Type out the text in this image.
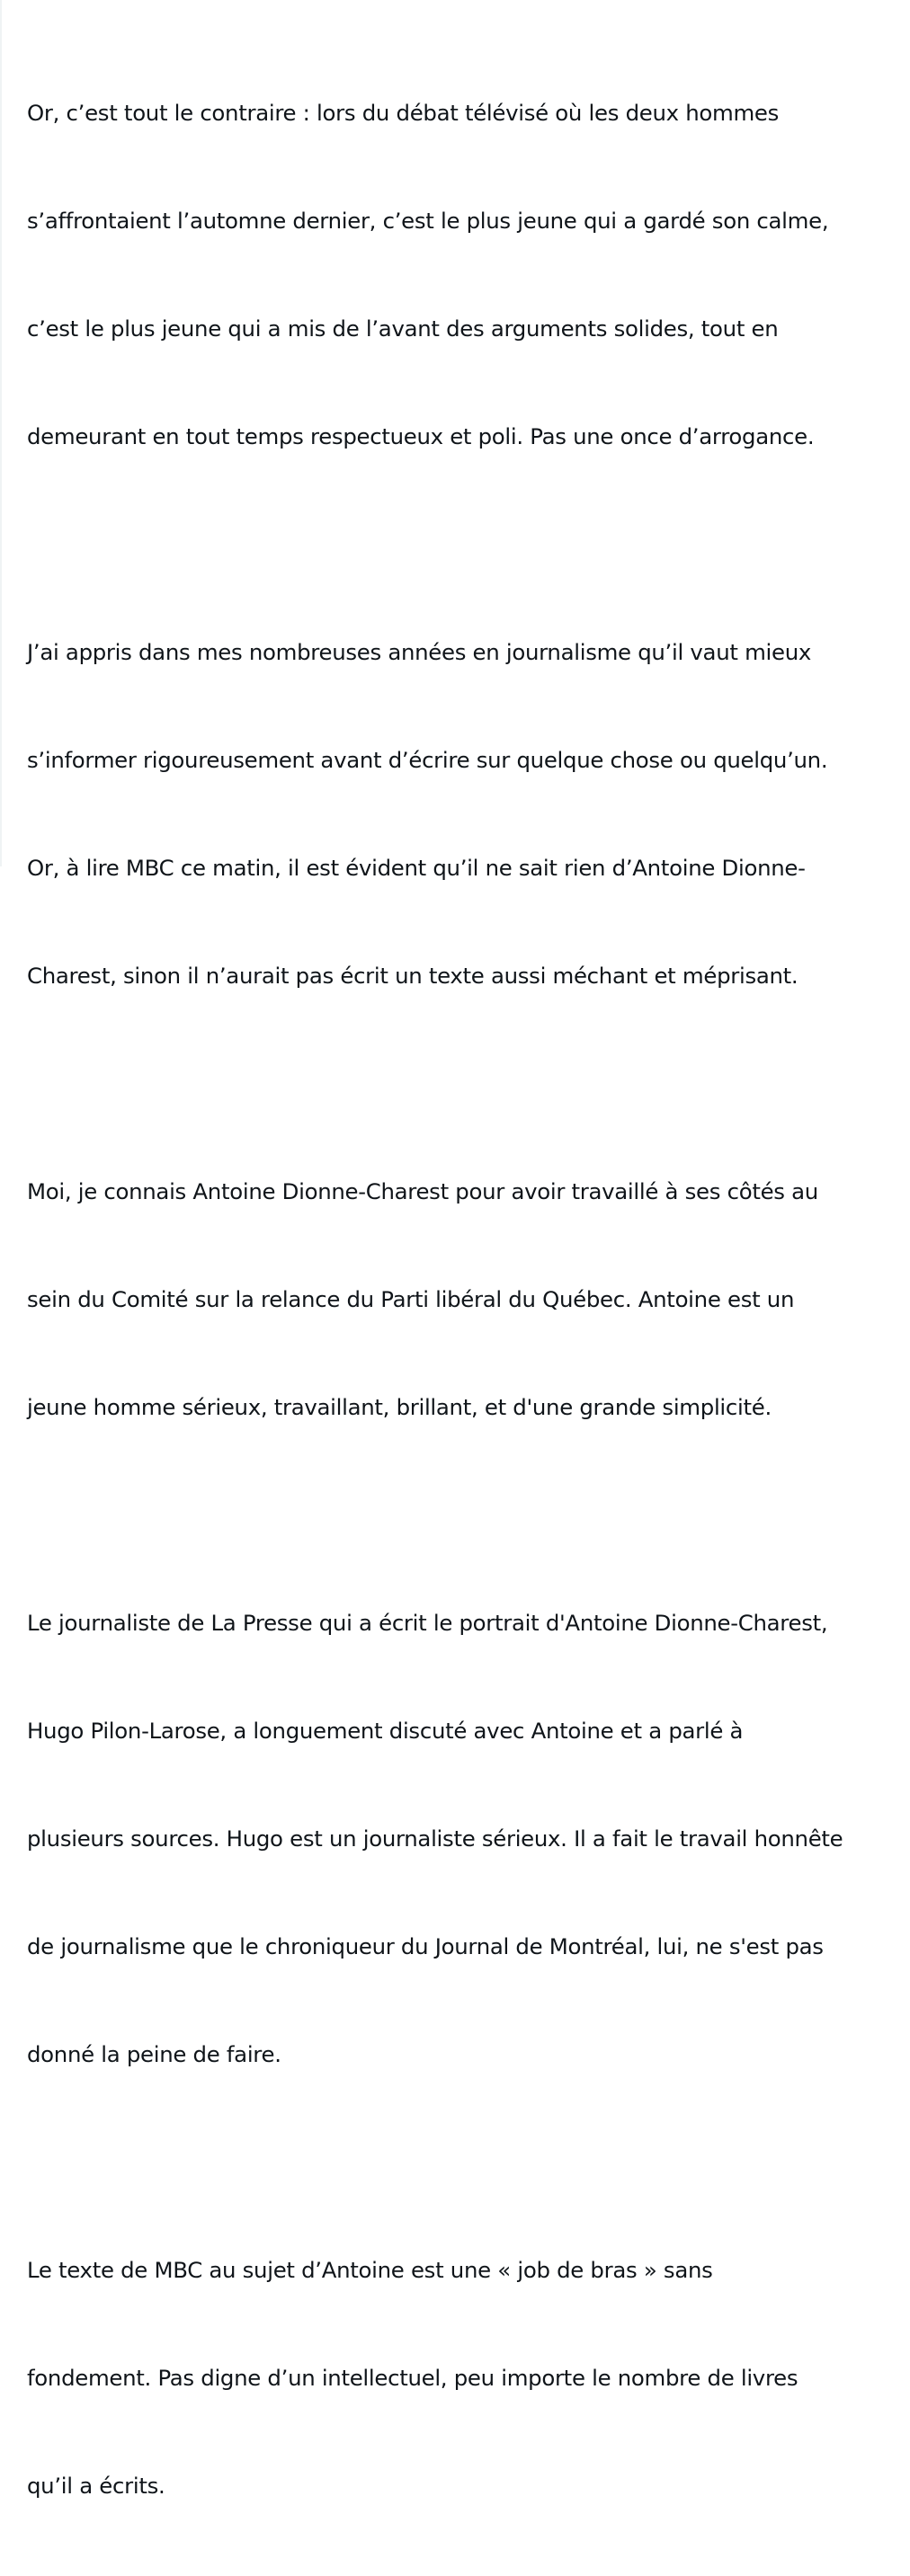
Or, c’est tout le contraire : lors du débat télévisé où les deux hommes

s’affrontaient l’automne dernier, c’est le plus jeune qui a gardé son calme,

c’est le plus jeune qui a mis de l’avant des arguments solides, tout en

demeurant en tout temps respectueux et poli. Pas une once d’arrogance.

J’ai appris dans mes nombreuses années en journalisme qu’il vaut mieux

s’informer rigoureusement avant d’écrire sur quelque chose ou quelqu’un.

Or, à lire MBC ce matin, il est évident qu’il ne sait rien d’Antoine Dionne-

Charest, sinon il n’aurait pas écrit un texte aussi méchant et méprisant.

Moi, je connais Antoine Dionne-Charest pour avoir travaillé à ses côtés au

sein du Comité sur la relance du Parti libéral du Québec. Antoine est un

jeune homme sérieux, travaillant, brillant, et d'une grande simplicité.

Le journaliste de La Presse qui a écrit le portrait d'Antoine Dionne-Charest,

Hugo Pilon-Larose, a longuement discuté avec Antoine et a parlé à

plusieurs sources. Hugo est un journaliste sérieux. Il a fait le travail honnête

de journalisme que le chroniqueur du Journal de Montréal, lui, ne s'est pas

donné la peine de faire.

Le texte de MBC au sujet d’Antoine est une « job de bras » sans

fondement. Pas digne d’un intellectuel, peu importe le nombre de livres

qu’il a écrits.
